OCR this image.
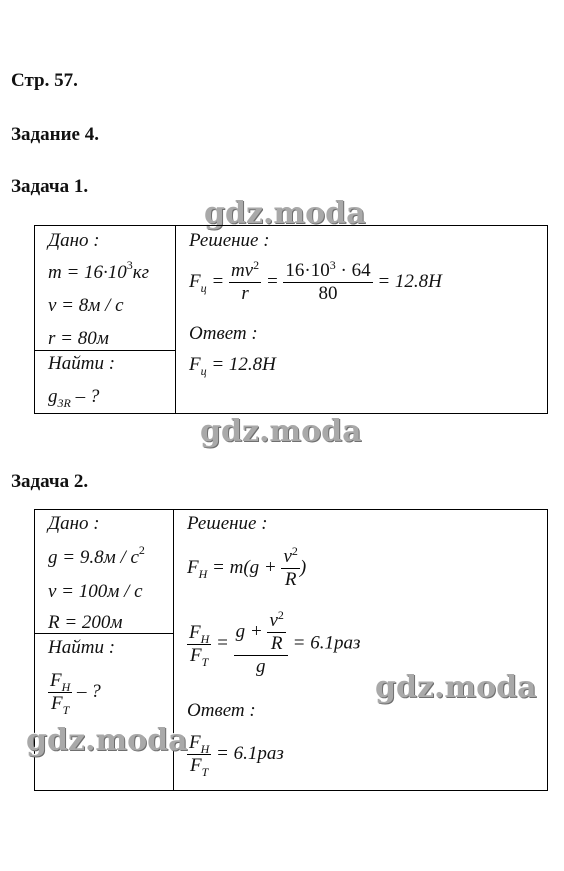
Стр. 57.
Задание 4.
Задача 1.
gdz.moda
Дано :
$m = 16\cdot 10^3кг$
v = 8м / с
r = 80м

Решение :
$F_ц = \frac{mv^2}{r} = \frac{16\cdot 10^3 \cdot 64}{80} = 12.8H$
Ответ :
$F_ц = 12.8H$

Найти :
$g_{3R}$ – ?
gdz.moda
Задача 2.
Дано :
$g = 9.8м / с^2$
v = 100м / с
R = 200м

Решение :
$F_H = m(g + \frac{v^2}{R}$ )
$\frac{F_H}{F_T} = \frac{g + \frac{v^2}{R}}{g} = 6.1раз$
Ответ :
$\frac{F_H}{F_T} = 6.1раз$

Найти :
$\frac{F_H}{F_T}$ – ?	gdz.moda
gdz.moda
